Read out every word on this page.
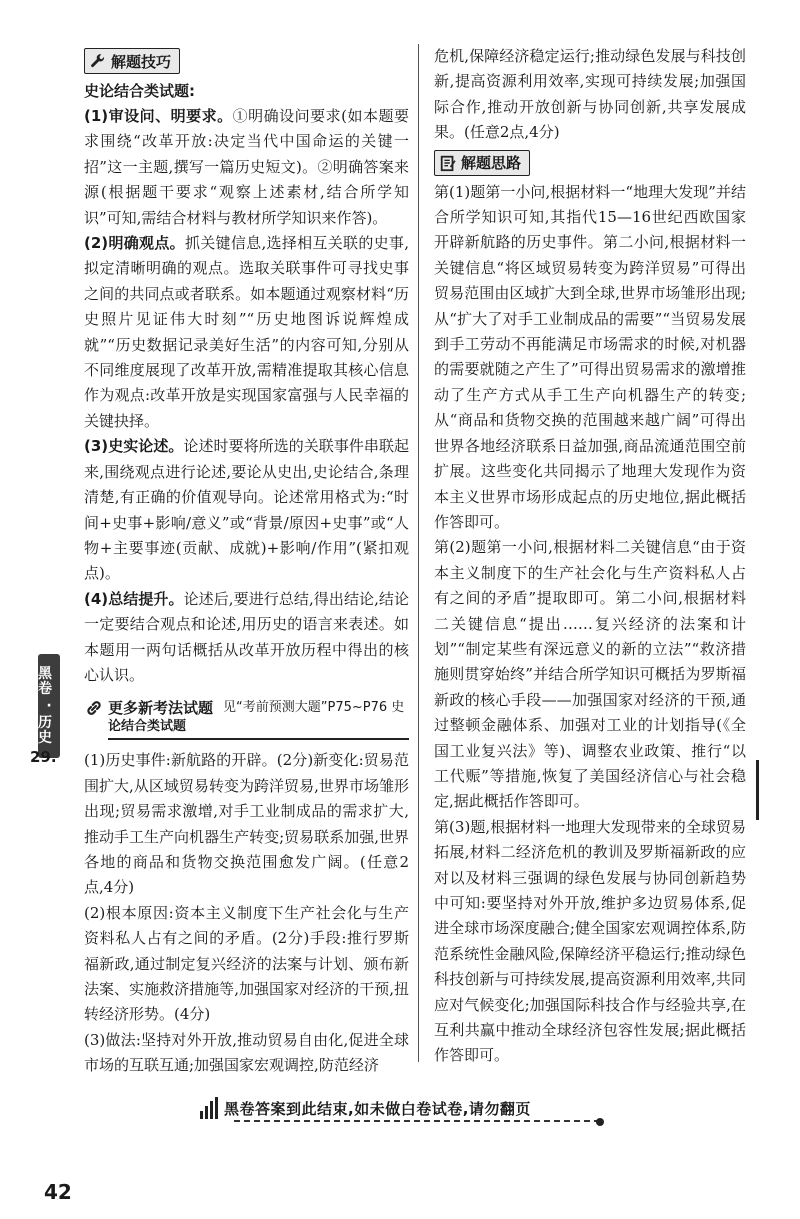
黑卷
·
历史
解题技巧
史论结合类试题:

(1)审设问、明要求。①明确设问要求(如本题要求围绕“改革开放:决定当代中国命运的关键一招”这一主题,撰写一篇历史短文)。②明确答案来源(根据题干要求“观察上述素材,结合所学知识”可知,需结合材料与教材所学知识来作答)。

(2)明确观点。抓关键信息,选择相互关联的史事,拟定清晰明确的观点。选取关联事件可寻找史事之间的共同点或者联系。如本题通过观察材料“历史照片见证伟大时刻”“历史地图诉说辉煌成就”“历史数据记录美好生活”的内容可知,分别从不同维度展现了改革开放,需精准提取其核心信息作为观点:改革开放是实现国家富强与人民幸福的关键抉择。

(3)史实论述。论述时要将所选的关联事件串联起来,围绕观点进行论述,要论从史出,史论结合,条理清楚,有正确的价值观导向。论述常用格式为:“时间+史事+影响/意义”或“背景/原因+史事”或“人物+主要事迹(贡献、成就)+影响/作用”(紧扣观点)。

(4)总结提升。论述后,要进行总结,得出结论,结论一定要结合观点和论述,用历史的语言来表述。如本题用一两句话概括从改革开放历程中得出的核心认识。

更多新考法试题 见“考前预测大题”P75~P76 史
论结合类试题
29. (1)历史事件:新航路的开辟。(2分)新变化:贸易范围扩大,从区域贸易转变为跨洋贸易,世界市场雏形出现;贸易需求激增,对手工业制成品的需求扩大,推动手工生产向机器生产转变;贸易联系加强,世界各地的商品和货物交换范围愈发广阔。(任意2点,4分)

(2)根本原因:资本主义制度下生产社会化与生产资料私人占有之间的矛盾。(2分)手段:推行罗斯福新政,通过制定复兴经济的法案与计划、颁布新法案、实施救济措施等,加强国家对经济的干预,扭转经济形势。(4分)

(3)做法:坚持对外开放,推动贸易自由化,促进全球市场的互联互通;加强国家宏观调控,防范经济

危机,保障经济稳定运行;推动绿色发展与科技创新,提高资源利用效率,实现可持续发展;加强国际合作,推动开放创新与协同创新,共享发展成果。(任意2点,4分)

解题思路

第(1)题第一小问,根据材料一“地理大发现”并结合所学知识可知,其指代15—16世纪西欧国家开辟新航路的历史事件。第二小问,根据材料一关键信息“将区域贸易转变为跨洋贸易”可得出贸易范围由区域扩大到全球,世界市场雏形出现;从“扩大了对手工业制成品的需要”“当贸易发展到手工劳动不再能满足市场需求的时候,对机器的需要就随之产生了”可得出贸易需求的激增推动了生产方式从手工生产向机器生产的转变;从“商品和货物交换的范围越来越广阔”可得出世界各地经济联系日益加强,商品流通范围空前扩展。这些变化共同揭示了地理大发现作为资本主义世界市场形成起点的历史地位,据此概括作答即可。

第(2)题第一小问,根据材料二关键信息“由于资本主义制度下的生产社会化与生产资料私人占有之间的矛盾”提取即可。第二小问,根据材料二关键信息“提出……复兴经济的法案和计划”“制定某些有深远意义的新的立法”“救济措施则贯穿始终”并结合所学知识可概括为罗斯福新政的核心手段——加强国家对经济的干预,通过整顿金融体系、加强对工业的计划指导(《全国工业复兴法》等)、调整农业政策、推行“以工代赈”等措施,恢复了美国经济信心与社会稳定,据此概括作答即可。

第(3)题,根据材料一地理大发现带来的全球贸易拓展,材料二经济危机的教训及罗斯福新政的应对以及材料三强调的绿色发展与协同创新趋势中可知:要坚持对外开放,维护多边贸易体系,促进全球市场深度融合;健全国家宏观调控体系,防范系统性金融风险,保障经济平稳运行;推动绿色科技创新与可持续发展,提高资源利用效率,共同应对气候变化;加强国际科技合作与经验共享,在互利共赢中推动全球经济包容性发展;据此概括作答即可。

黑卷答案到此结束,如未做白卷试卷,请勿翻页
42
